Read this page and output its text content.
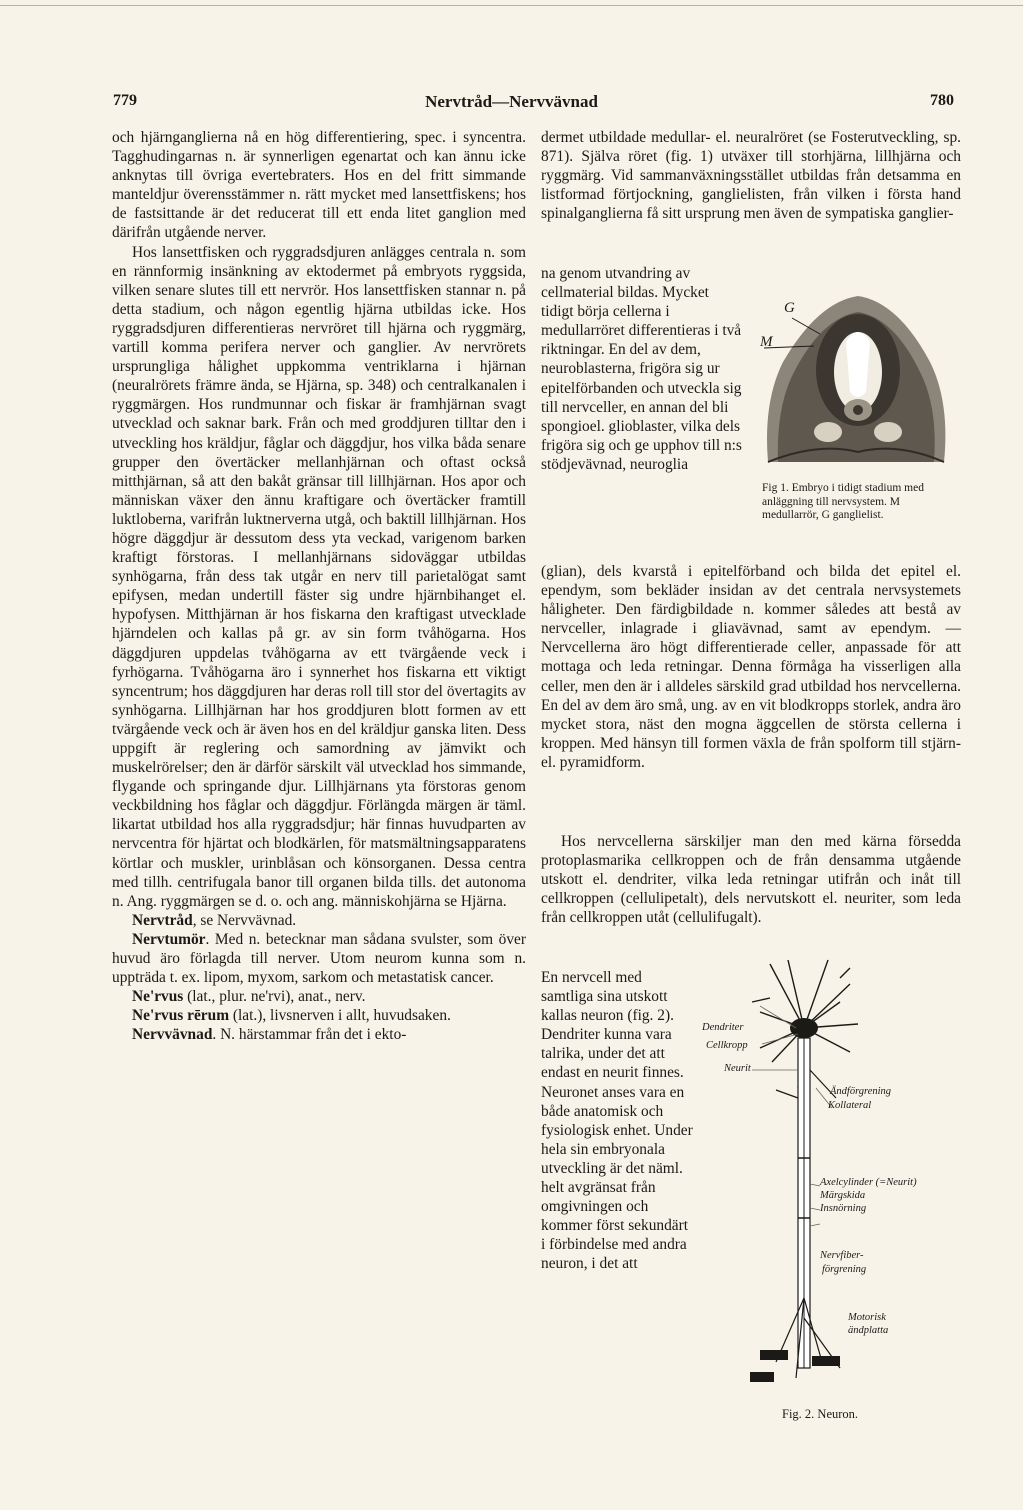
779	Nervtråd—Nervvävnad	780

och hjärnganglierna nå en hög differentiering, spec. i syncentra. Tagghudingarnas n. är synnerligen egenartat och kan ännu icke anknytas till övriga evertebraters. Hos en del fritt simmande manteldjur överensstämmer n. rätt mycket med lansettfiskens; hos de fastsittande är det reducerat till ett enda litet ganglion med därifrån utgående nerver.

Hos lansettfisken och ryggradsdjuren anlägges centrala n. som en rännformig insänkning av ektodermet på embryots ryggsida, vilken senare slutes till ett nervrör. Hos lansettfisken stannar n. på detta stadium, och någon egentlig hjärna utbildas icke. Hos ryggradsdjuren differentieras nervröret till hjärna och ryggmärg, vartill komma perifera nerver och ganglier. Av nervrörets ursprungliga hålighet uppkomma ventriklarna i hjärnan (neuralrörets främre ända, se Hjärna, sp. 348) och centralkanalen i ryggmärgen. Hos rundmunnar och fiskar är framhjärnan svagt utvecklad och saknar bark. Från och med groddjuren tilltar den i utveckling hos kräldjur, fåglar och däggdjur, hos vilka båda senare grupper den övertäcker mellanhjärnan och oftast också mitthjärnan, så att den bakåt gränsar till lillhjärnan. Hos apor och människan växer den ännu kraftigare och övertäcker framtill luktloberna, varifrån luktnerverna utgå, och baktill lillhjärnan. Hos högre däggdjur är dessutom dess yta veckad, varigenom barken kraftigt förstoras. I mellanhjärnans sidoväggar utbildas synhögarna, från dess tak utgår en nerv till parietalögat samt epifysen, medan undertill fäster sig undre hjärnbihanget el. hypofysen. Mitthjärnan är hos fiskarna den kraftigast utvecklade hjärndelen och kallas på gr. av sin form tvåhögarna. Hos däggdjuren uppdelas tvåhögarna av ett tvärgående veck i fyrhögarna. Tvåhögarna äro i synnerhet hos fiskarna ett viktigt syncentrum; hos däggdjuren har deras roll till stor del övertagits av synhögarna. Lillhjärnan har hos groddjuren blott formen av ett tvärgående veck och är även hos en del kräldjur ganska liten. Dess uppgift är reglering och samordning av jämvikt och muskelrörelser; den är därför särskilt väl utvecklad hos simmande, flygande och springande djur. Lillhjärnans yta förstoras genom veckbildning hos fåglar och däggdjur. Förlängda märgen är täml. likartat utbildad hos alla ryggradsdjur; här finnas huvudparten av nervcentra för hjärtat och blodkärlen, för matsmältningsapparatens körtlar och muskler, urinblåsan och könsorganen. Dessa centra med tillh. centrifugala banor till organen bilda tills. det autonoma n. Ang. ryggmärgen se d. o. och ang. människohjärna se Hjärna.

Nervtråd, se Nervvävnad.

Nervtumör. Med n. betecknar man sådana svulster, som över huvud äro förlagda till nerver. Utom neurom kunna som n. uppträda t. ex. lipom, myxom, sarkom och metastatisk cancer.

Ne'rvus (lat., plur. ne'rvi), anat., nerv.

Ne'rvus rērum (lat.), livsnerven i allt, huvudsaken.

Nervvävnad. N. härstammar från det i ekto-

dermet utbildade medullar- el. neuralröret (se Fosterutveckling, sp. 871). Själva röret (fig. 1) utväxer till storhjärna, lillhjärna och ryggmärg. Vid sammanväxningsstället utbildas från detsamma en listformad förtjockning, ganglielisten, från vilken i första hand spinalganglierna få sitt ursprung men även de sympatiska ganglier-
na genom utvandring av cellmaterial bildas. Mycket tidigt börja cellerna i medullarröret differentieras i två riktningar. En del av dem, neuroblasterna, frigöra sig ur epitelförbanden och utveckla sig till nervceller, en annan del bli spongioel. glioblaster, vilka dels frigöra sig och ge upphov till n:s stödjevävnad, neuroglia
(glian), dels kvarstå i epitelförband och bilda det epitel el. ependym, som bekläder insidan av det centrala nervsystemets håligheter. Den färdigbildade n. kommer således att bestå av nervceller, inlagrade i gliavävnad, samt av ependym. — Nervcellerna äro högt differentierade celler, anpassade för att mottaga och leda retningar. Denna förmåga ha visserligen alla celler, men den är i alldeles särskild grad utbildad hos nervcellerna. En del av dem äro små, ung. av en vit blodkropps storlek, andra äro mycket stora, näst den mogna äggcellen de största cellerna i kroppen. Med hänsyn till formen växla de från spolform till stjärn- el. pyramidform.
Hos nervcellerna särskiljer man den med kärna försedda protoplasmarika cellkroppen och de från densamma utgående utskott el. dendriter, vilka leda retningar utifrån och inåt till cellkroppen (cellulipetalt), dels nervutskott el. neuriter, som leda från cellkroppen utåt (cellulifugalt).
En nervcell med samtliga sina utskott kallas neuron (fig. 2). Dendriter kunna vara talrika, under det att endast en neurit finnes. Neuronet anses vara en både anatomisk och fysiologisk enhet. Under hela sin embryonala utveckling är det näml. helt avgränsat från omgivningen och kommer först sekundärt i förbindelse med andra neuron, i det att
G
M
Fig 1. Embryo i tidigt stadium med anläggning till nervsystem. M medullarrör, G ganglielist.
Dendriter
Cellkropp
Neurit
Ändförgrening
Kollateral
Axelcylinder (=Neurit)
Märgskida
Insnörning
Nervfiber-
förgrening
Motorisk
ändplatta
Fig. 2. Neuron.
